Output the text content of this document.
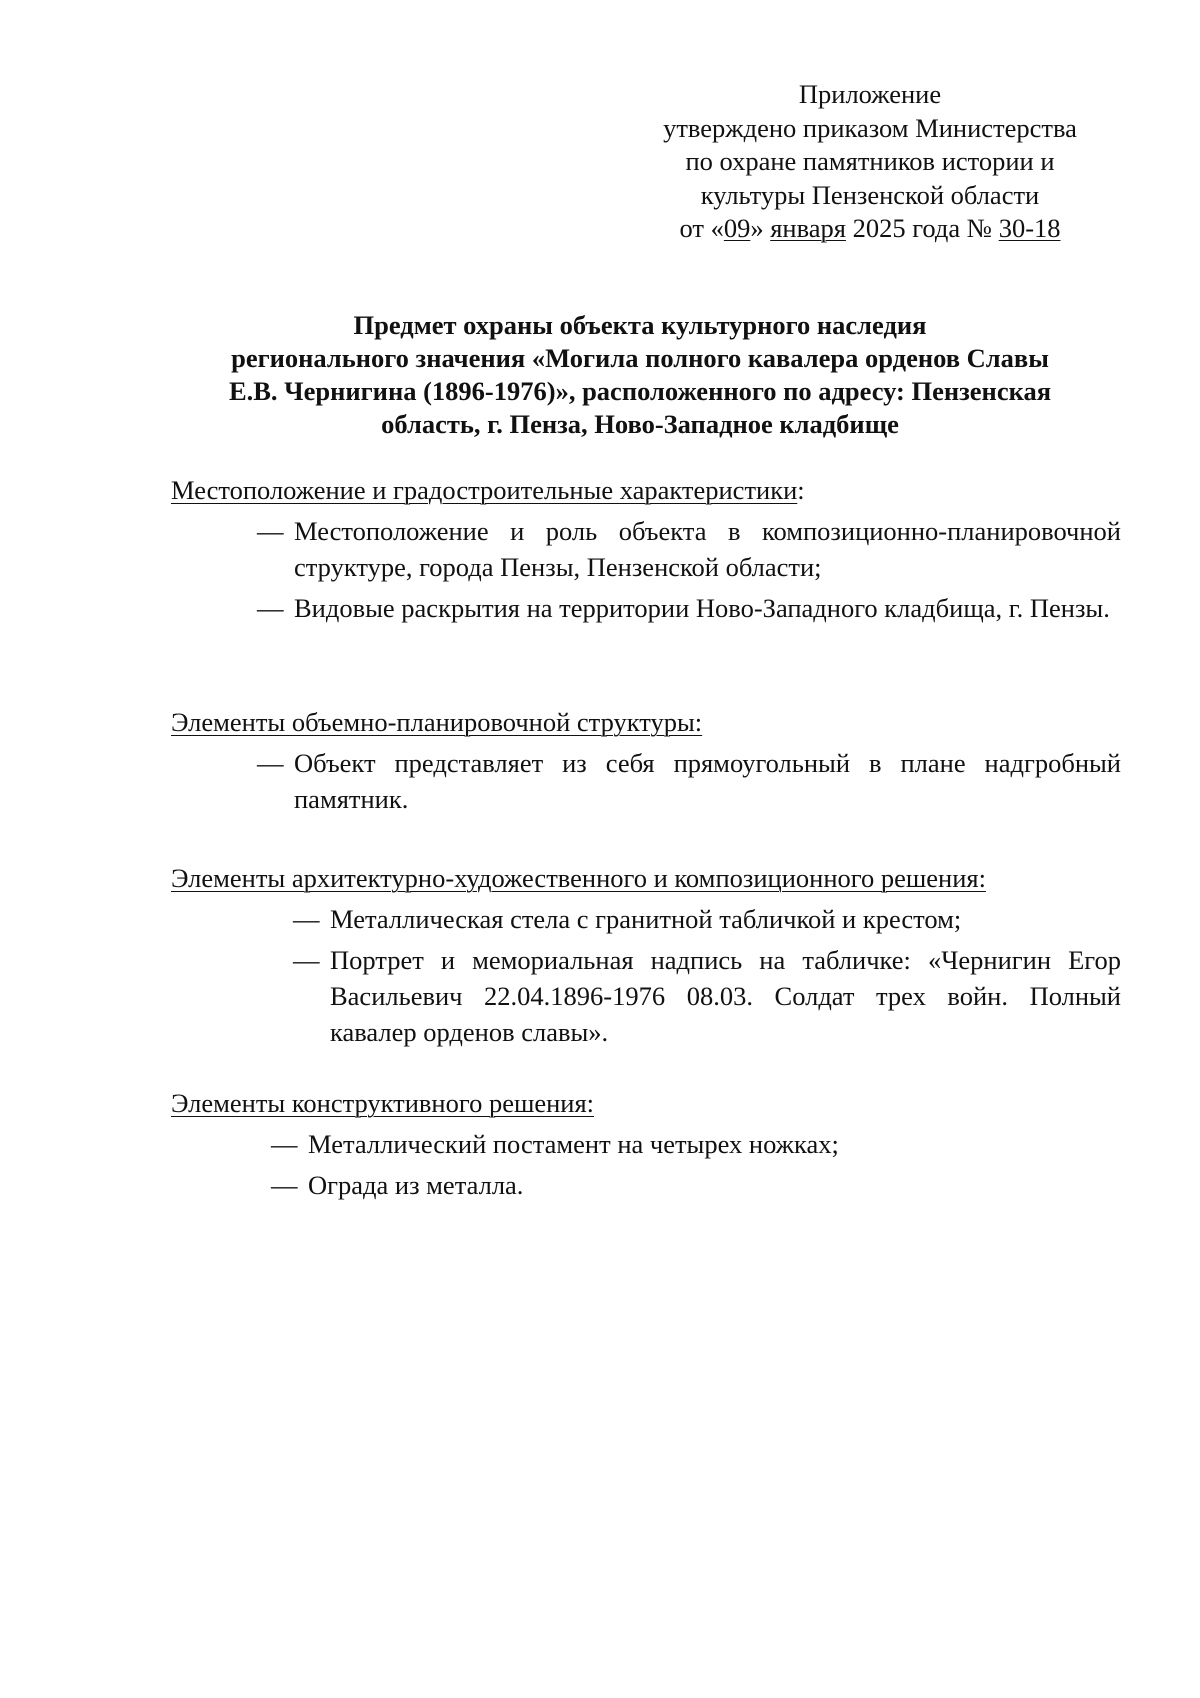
Приложение
утверждено приказом Министерства
по охране памятников истории и
культуры Пензенской области
от «09» января 2025 года № 30-18
Предмет охраны объекта культурного наследия
регионального значения «Могила полного кавалера орденов Славы
Е.В. Чернигина (1896-1976)», расположенного по адресу: Пензенская
область, г. Пенза, Ново-Западное кладбище
Местоположение и градостроительные характеристики:
— Местоположение и роль объекта в композиционно-планировочной структуре, города Пензы, Пензенской области;
— Видовые раскрытия на территории Ново-Западного кладбища, г. Пензы.
Элементы объемно-планировочной структуры:
— Объект представляет из себя прямоугольный в плане надгробный памятник.
Элементы архитектурно-художественного и композиционного решения:
— Металлическая стела с гранитной табличкой и крестом;
— Портрет и мемориальная надпись на табличке: «Чернигин Егор Васильевич 22.04.1896-1976 08.03. Солдат трех войн. Полный кавалер орденов славы».
Элементы конструктивного решения:
— Металлический постамент на четырех ножках;
— Ограда из металла.
